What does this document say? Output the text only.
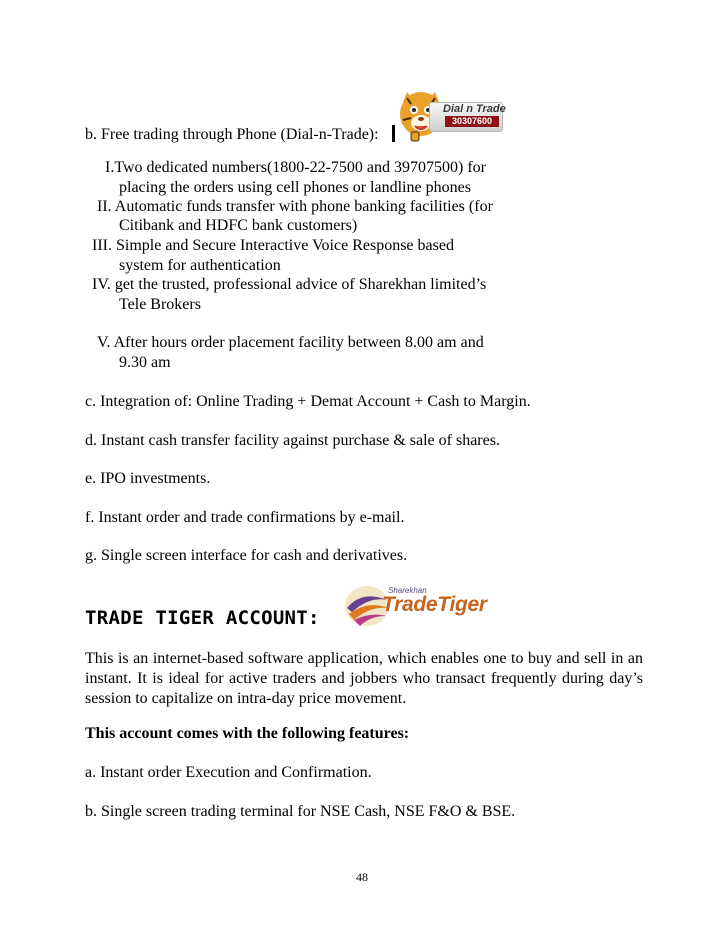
Dial n Trade
30307600
b. Free trading through Phone (Dial-n-Trade):
I.Two dedicated numbers(1800-22-7500 and 39707500) for
placing the orders using cell phones or landline phones
II. Automatic funds transfer with phone banking facilities (for
Citibank and HDFC bank customers)
III. Simple and Secure Interactive Voice Response based
system for authentication
IV. get the trusted, professional advice of Sharekhan limited’s
Tele Brokers
V. After hours order placement facility between 8.00 am and
9.30 am
c. Integration of: Online Trading + Demat Account + Cash to Margin.
d. Instant cash transfer facility against purchase & sale of shares.
e. IPO investments.
f. Instant order and trade confirmations by e-mail.
g. Single screen interface for cash and derivatives.
TRADE TIGER ACCOUNT:
Sharekhan
TradeTiger
This is an internet-based software application, which enables one to buy and sell in an instant. It is ideal for active traders and jobbers who transact frequently during day’s session to capitalize on intra-day price movement.
This account comes with the following features:
a. Instant order Execution and Confirmation.
b. Single screen trading terminal for NSE Cash, NSE F&O & BSE.
48
